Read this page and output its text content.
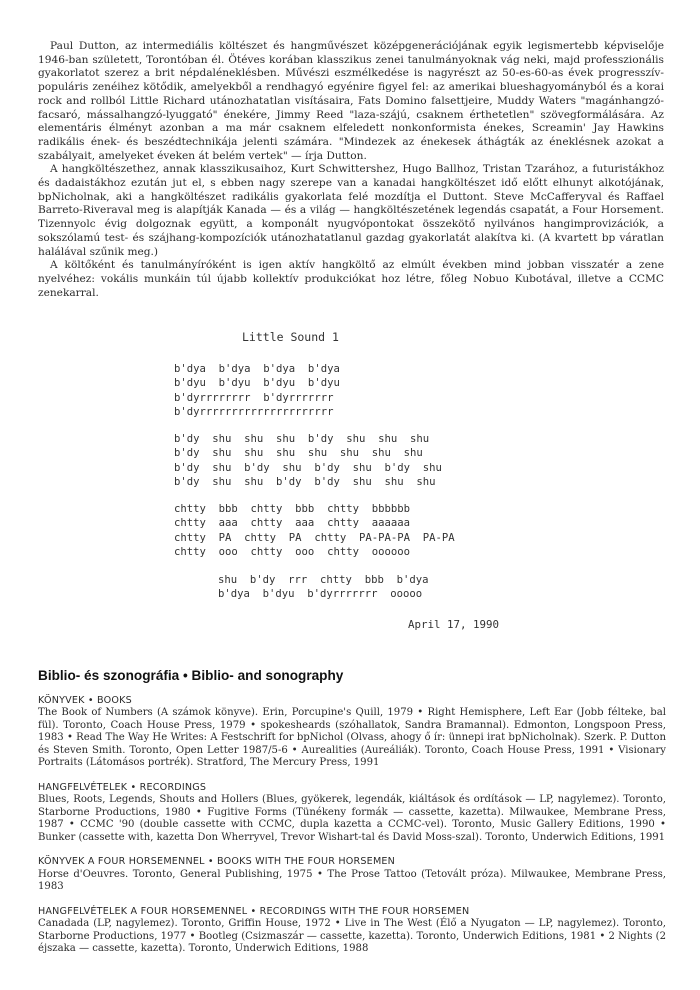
Paul Dutton, az intermediális költészet és hangművészet középgenerációjának egyik legismertebb képviselője 1946-ban született, Torontóban él. Ötéves korában klasszikus zenei tanulmányoknak vág neki, majd professzionális gyakorlatot szerez a brit népdaléneklésben. Művészi eszmélkedése is nagyrészt az 50-es-60-as évek progresszív-populáris zenéihez kötődik, amelyekből a rendhagyó egyénire figyel fel: az amerikai blueshagyományból és a korai rock and rollból Little Richard utánozhatatlan visításaira, Fats Domino falsettjeire, Muddy Waters "magánhangzó-facsaró, mássalhangzó-lyuggató" énekére, Jimmy Reed "laza-szájú, csaknem érthetetlen" szövegformálására. Az elementáris élményt azonban a ma már csaknem elfeledett nonkonformista énekes, Screamin' Jay Hawkins radikális ének- és beszédtechnikája jelenti számára. "Mindezek az énekesek áthágták az éneklésnek azokat a szabályait, amelyeket éveken át belém vertek" — írja Dutton.

A hangköltészethez, annak klasszikusaihoz, Kurt Schwittershez, Hugo Ballhoz, Tristan Tzarához, a futuristákhoz és dadaistákhoz ezután jut el, s ebben nagy szerepe van a kanadai hangköltészet idő előtt elhunyt alkotójának, bpNicholnak, aki a hangköltészet radikális gyakorlata felé mozdítja el Duttont. Steve McCafferyval és Raffael Barreto-Riveraval meg is alapítják Kanada — és a világ — hangköltészetének legendás csapatát, a Four Horsement. Tizennyolc évig dolgoznak együtt, a komponált nyugvópontokat összekötő nyilvános hangimprovizációk, a sokszólamú test- és szájhang-kompozíciók utánozhatatlanul gazdag gyakorlatát alakítva ki. (A kvartett bp váratlan halálával szűnik meg.)

A költőként és tanulmányíróként is igen aktív hangköltő az elmúlt években mind jobban visszatér a zene nyelvéhez: vokális munkáin túl újabb kollektív produkciókat hoz létre, főleg Nobuo Kubotával, illetve a CCMC zenekarral.

Little Sound 1
b'dya  b'dya  b'dya  b'dya
b'dyu  b'dyu  b'dyu  b'dyu
b'dyrrrrrrrr  b'dyrrrrrrr
b'dyrrrrrrrrrrrrrrrrrrrrr
b'dy  shu  shu  shu  b'dy  shu  shu  shu
b'dy  shu  shu  shu  shu  shu  shu  shu
b'dy  shu  b'dy  shu  b'dy  shu  b'dy  shu
b'dy  shu  shu  b'dy  b'dy  shu  shu  shu
chtty  bbb  chtty  bbb  chtty  bbbbbb
chtty  aaa  chtty  aaa  chtty  aaaaaa
chtty  PA  chtty  PA  chtty  PA-PA-PA  PA-PA
chtty  ooo  chtty  ooo  chtty  oooooo
shu  b'dy  rrr  chtty  bbb  b'dya
b'dya  b'dyu  b'dyrrrrrrr  ooooo
April 17, 1990
Biblio- és szonográfia • Biblio- and sonography
KÖNYVEK • BOOKS
The Book of Numbers (A számok könyve). Erin, Porcupine's Quill, 1979 • Right Hemisphere, Left Ear (Jobb félteke, bal fül). Toronto, Coach House Press, 1979 • spokesheards (szóhallatok, Sandra Bramannal). Edmonton, Longspoon Press, 1983 • Read The Way He Writes: A Festschrift for bpNichol (Olvass, ahogy ő ír: ünnepi irat bpNicholnak). Szerk. P. Dutton és Steven Smith. Toronto, Open Letter 1987/5-6 • Aurealities (Aureáliák). Toronto, Coach House Press, 1991 • Visionary Portraits (Látomásos portrék). Stratford, The Mercury Press, 1991
HANGFELVÉTELEK • RECORDINGS
Blues, Roots, Legends, Shouts and Hollers (Blues, gyökerek, legendák, kiáltások és ordítások — LP, nagylemez). Toronto, Starborne Productions, 1980 • Fugitive Forms (Tünékeny formák — cassette, kazetta). Milwaukee, Membrane Press, 1987 • CCMC '90 (double cassette with CCMC, dupla kazetta a CCMC-vel). Toronto, Music Gallery Editions, 1990 • Bunker (cassette with, kazetta Don Wherryvel, Trevor Wishart-tal és David Moss-szal). Toronto, Underwich Editions, 1991
KÖNYVEK A FOUR HORSEMENNEL • BOOKS WITH THE FOUR HORSEMEN
Horse d'Oeuvres. Toronto, General Publishing, 1975 • The Prose Tattoo (Tetovált próza). Milwaukee, Membrane Press, 1983
HANGFELVÉTELEK A FOUR HORSEMENNEL • RECORDINGS WITH THE FOUR HORSEMEN
Canadada (LP, nagylemez). Toronto, Griffin House, 1972 • Live in The West (Élő a Nyugaton — LP, nagylemez). Toronto, Starborne Productions, 1977 • Bootleg (Csizmaszár — cassette, kazetta). Toronto, Underwich Editions, 1981 • 2 Nights (2 éjszaka — cassette, kazetta). Toronto, Underwich Editions, 1988
